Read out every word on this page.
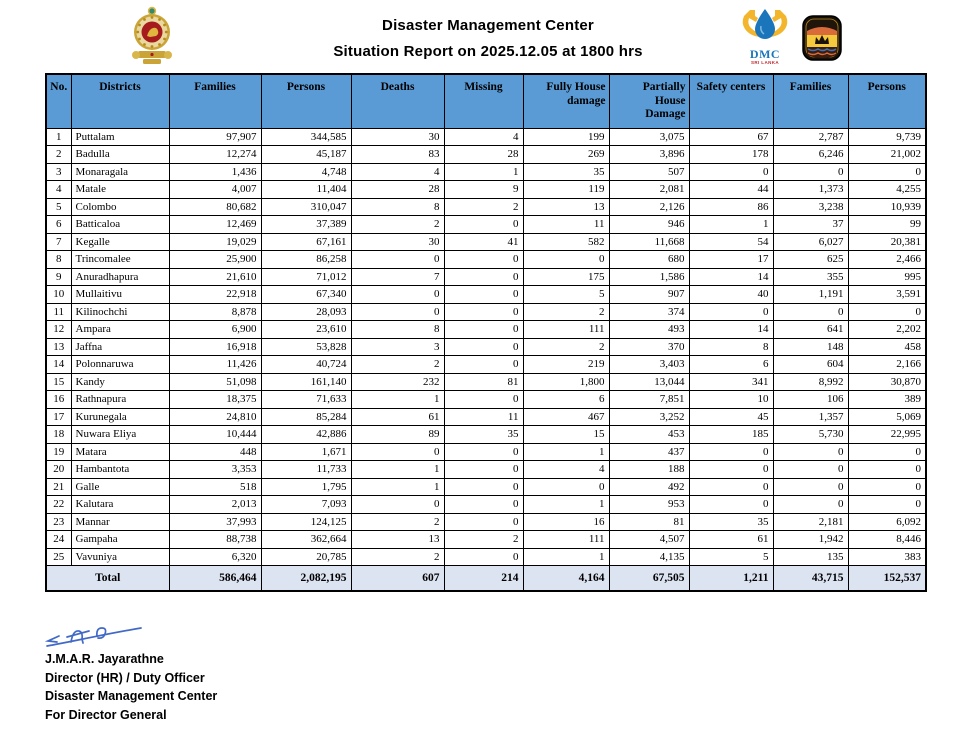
Disaster Management Center
Situation Report on 2025.12.05 at 1800 hrs	DMC
SRI LANKA
No.	Districts	Families	Persons	Deaths	Missing	Fully House damage	Partially House Damage	Safety centers	Families	Persons
1	Puttalam	97,907	344,585	30	4	199	3,075	67	2,787	9,739
2	Badulla	12,274	45,187	83	28	269	3,896	178	6,246	21,002
3	Monaragala	1,436	4,748	4	1	35	507	0	0	0
4	Matale	4,007	11,404	28	9	119	2,081	44	1,373	4,255
5	Colombo	80,682	310,047	8	2	13	2,126	86	3,238	10,939
6	Batticaloa	12,469	37,389	2	0	11	946	1	37	99
7	Kegalle	19,029	67,161	30	41	582	11,668	54	6,027	20,381
8	Trincomalee	25,900	86,258	0	0	0	680	17	625	2,466
9	Anuradhapura	21,610	71,012	7	0	175	1,586	14	355	995
10	Mullaitivu	22,918	67,340	0	0	5	907	40	1,191	3,591
11	Kilinochchi	8,878	28,093	0	0	2	374	0	0	0
12	Ampara	6,900	23,610	8	0	111	493	14	641	2,202
13	Jaffna	16,918	53,828	3	0	2	370	8	148	458
14	Polonnaruwa	11,426	40,724	2	0	219	3,403	6	604	2,166
15	Kandy	51,098	161,140	232	81	1,800	13,044	341	8,992	30,870
16	Rathnapura	18,375	71,633	1	0	6	7,851	10	106	389
17	Kurunegala	24,810	85,284	61	11	467	3,252	45	1,357	5,069
18	Nuwara Eliya	10,444	42,886	89	35	15	453	185	5,730	22,995
19	Matara	448	1,671	0	0	1	437	0	0	0
20	Hambantota	3,353	11,733	1	0	4	188	0	0	0
21	Galle	518	1,795	1	0	0	492	0	0	0
22	Kalutara	2,013	7,093	0	0	1	953	0	0	0
23	Mannar	37,993	124,125	2	0	16	81	35	2,181	6,092
24	Gampaha	88,738	362,664	13	2	111	4,507	61	1,942	8,446
25	Vavuniya	6,320	20,785	2	0	1	4,135	5	135	383
Total		586,464	2,082,195	607	214	4,164	67,505	1,211	43,715	152,537
J.M.A.R. Jayarathne
Director (HR) / Duty Officer
Disaster Management Center
For Director General
